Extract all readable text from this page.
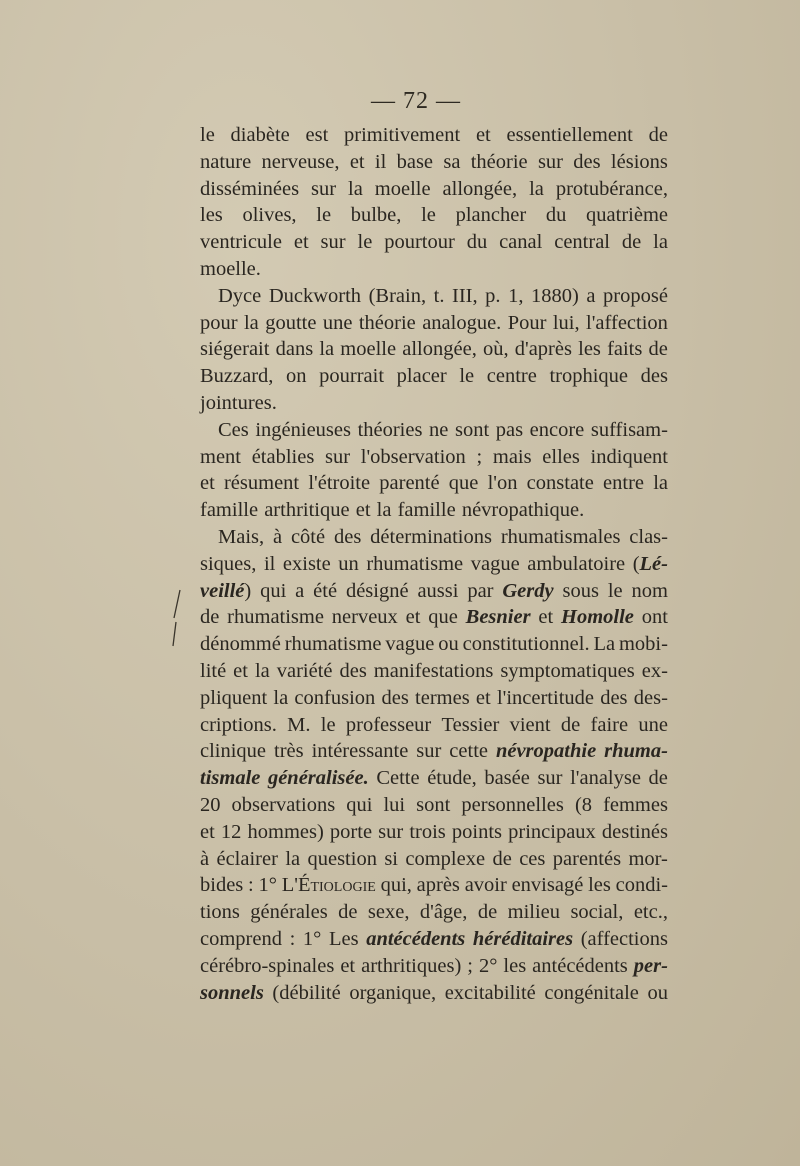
— 72 —
le diabète est primitivement et essentiellement de
nature nerveuse, et il base sa théorie sur des lésions
disséminées sur la moelle allongée, la protubérance,
les olives, le bulbe, le plancher du quatrième
ventricule et sur le pourtour du canal central de la
moelle.
Dyce Duckworth (Brain, t. III, p. 1, 1880) a proposé
pour la goutte une théorie analogue. Pour lui, l'affection
siégerait dans la moelle allongée, où, d'après les faits de
Buzzard, on pourrait placer le centre trophique des
jointures.
Ces ingénieuses théories ne sont pas encore suffisam-
ment établies sur l'observation ; mais elles indiquent
et résument l'étroite parenté que l'on constate entre la
famille arthritique et la famille névropathique.
Mais, à côté des déterminations rhumatismales clas-
siques, il existe un rhumatisme vague ambulatoire (Lé-
veillé) qui a été désigné aussi par Gerdy sous le nom
de rhumatisme nerveux et que Besnier et Homolle ont
dénommé rhumatisme vague ou constitutionnel. La mobi-
lité et la variété des manifestations symptomatiques ex-
pliquent la confusion des termes et l'incertitude des des-
criptions. M. le professeur Tessier vient de faire une
clinique très intéressante sur cette névropathie rhuma-
tismale généralisée. Cette étude, basée sur l'analyse de
20 observations qui lui sont personnelles (8 femmes
et 12 hommes) porte sur trois points principaux destinés
à éclairer la question si complexe de ces parentés mor-
bides : 1° L'Étiologie qui, après avoir envisagé les condi-
tions générales de sexe, d'âge, de milieu social, etc.,
comprend : 1° Les antécédents héréditaires (affections
cérébro-spinales et arthritiques) ; 2° les antécédents per-
sonnels (débilité organique, excitabilité congénitale ou
